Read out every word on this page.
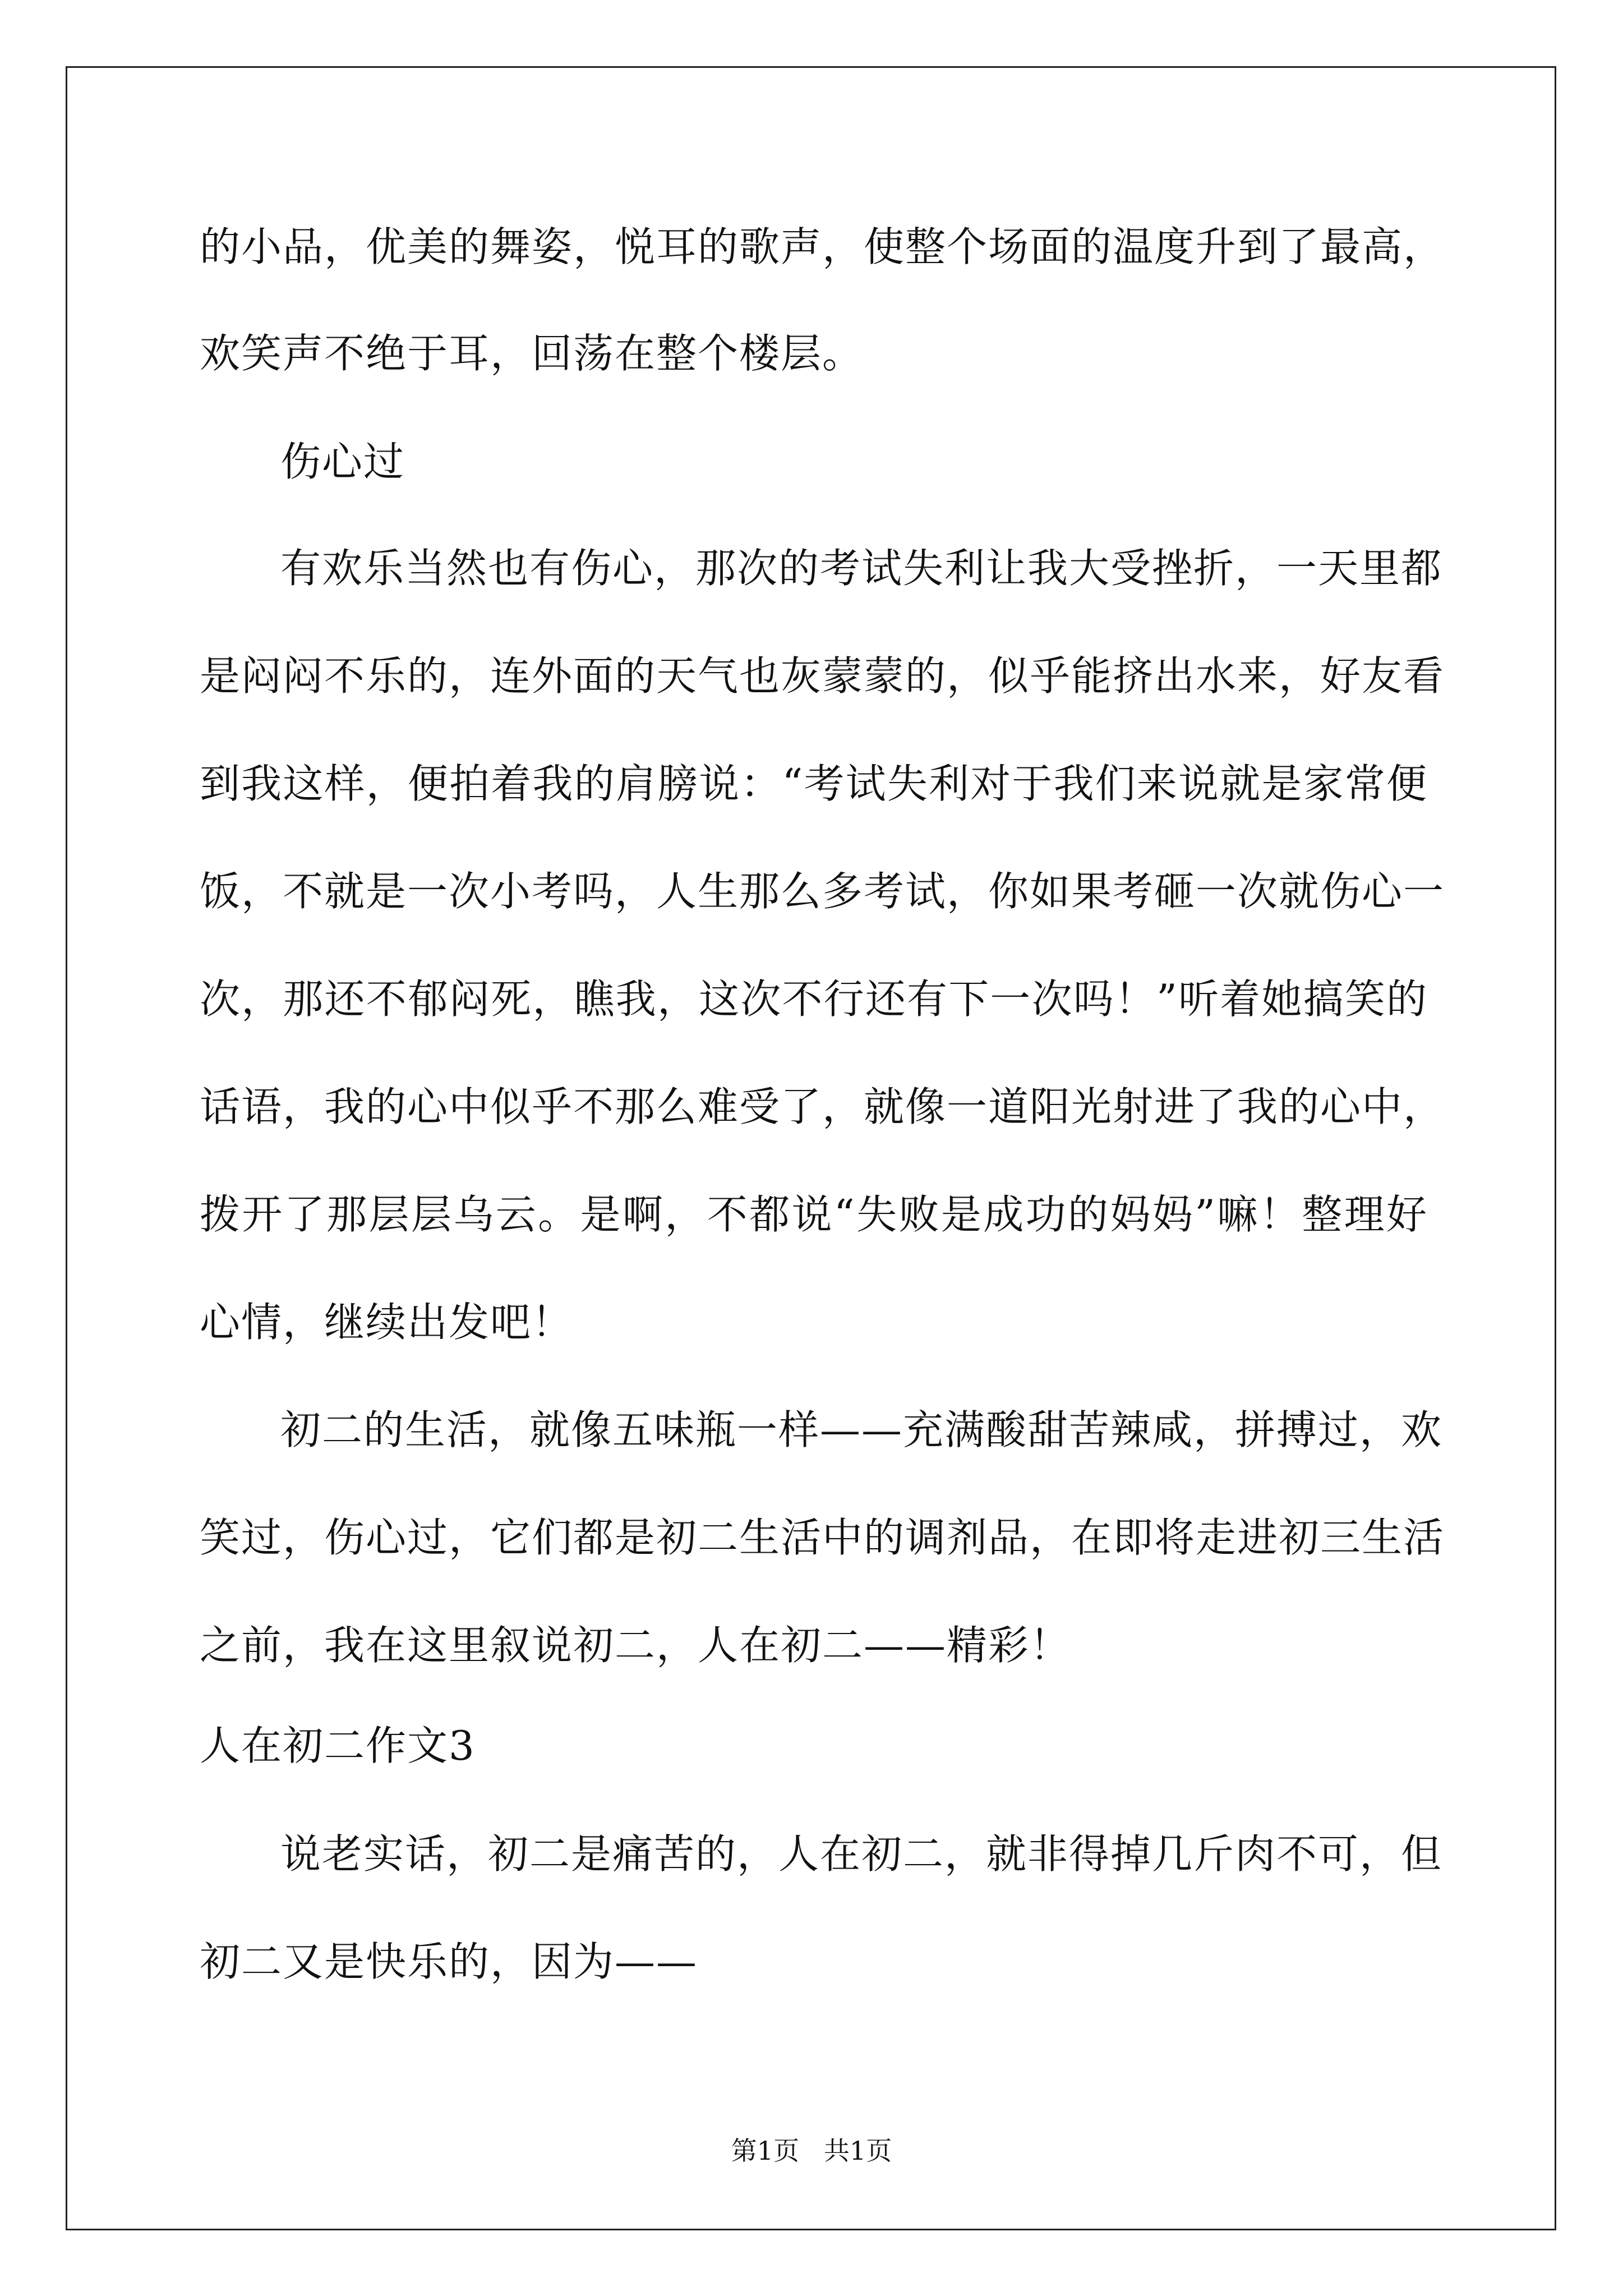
的小品，优美的舞姿，悦耳的歌声，使整个场面的温度升到了最高，
欢笑声不绝于耳，回荡在整个楼层。
伤心过
有欢乐当然也有伤心，那次的考试失利让我大受挫折，一天里都
是闷闷不乐的，连外面的天气也灰蒙蒙的，似乎能挤出水来，好友看
到我这样，便拍着我的肩膀说：“考试失利对于我们来说就是家常便
饭，不就是一次小考吗，人生那么多考试，你如果考砸一次就伤心一
次，那还不郁闷死，瞧我，这次不行还有下一次吗！”听着她搞笑的
话语，我的心中似乎不那么难受了，就像一道阳光射进了我的心中，
拨开了那层层乌云。是啊，不都说“失败是成功的妈妈”嘛！整理好
心情，继续出发吧！
初二的生活，就像五味瓶一样——充满酸甜苦辣咸，拼搏过，欢
笑过，伤心过，它们都是初二生活中的调剂品，在即将走进初三生活
之前，我在这里叙说初二，人在初二——精彩！
人在初二作文3
说老实话，初二是痛苦的，人在初二，就非得掉几斤肉不可，但
初二又是快乐的，因为——
第1页   共1页
